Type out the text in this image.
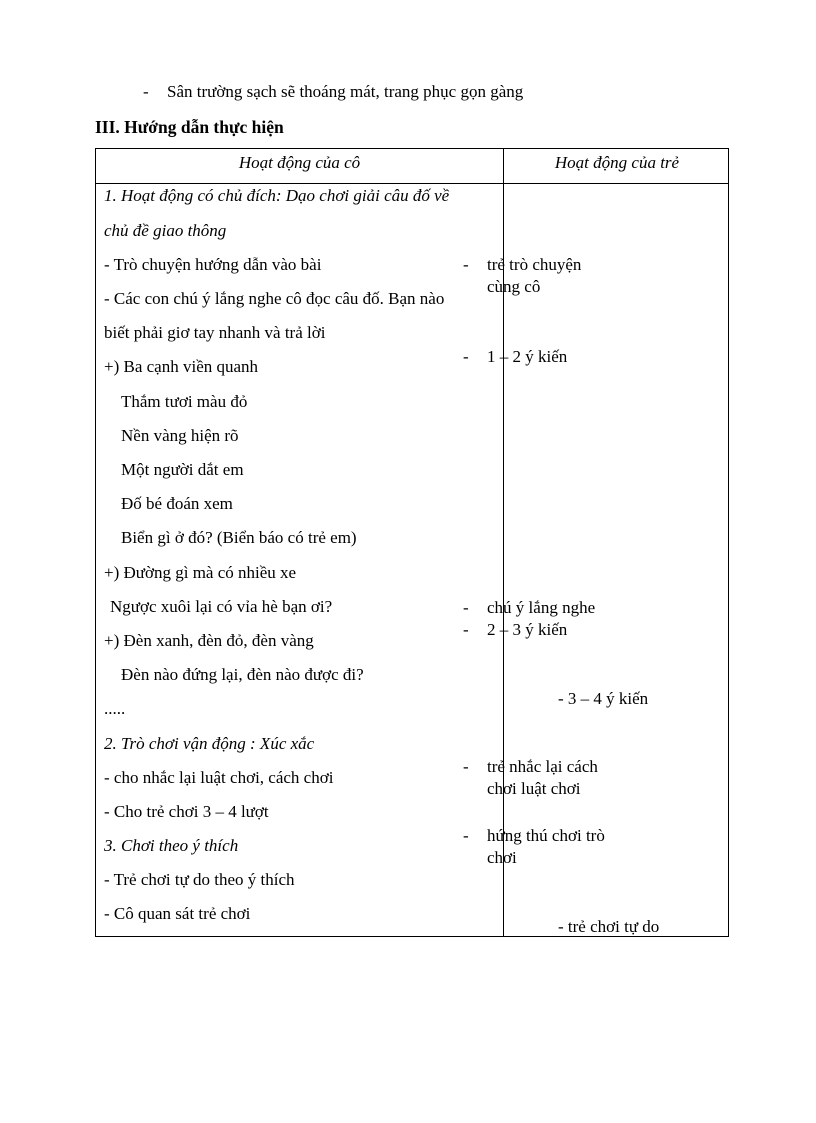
- Sân trường sạch sẽ thoáng mát, trang phục gọn gàng
III. Hướng dẫn thực hiện
Hoạt động của cô	Hoạt động của trẻ
1. Hoạt động có chủ đích: Dạo chơi giải câu đố về
chủ đề giao thông
- Trò chuyện hướng dẫn vào bài
- Các con chú ý lắng nghe cô đọc câu đố. Bạn nào
biết phải giơ tay nhanh và trả lời
+) Ba cạnh viền quanh
Thắm tươi màu đỏ
Nền vàng hiện rõ
Một người dắt em
Đố bé đoán xem
Biển gì ở đó? (Biển báo có trẻ em)
+) Đường gì mà có nhiều xe
Ngược xuôi lại có vỉa hè bạn ơi?
+) Đèn xanh, đèn đỏ, đèn vàng
Đèn nào đứng lại, đèn nào được đi?
.....
2. Trò chơi vận động : Xúc xắc
- cho nhắc lại luật chơi, cách chơi
- Cho trẻ chơi 3 – 4 lượt
3. Chơi theo ý thích
- Trẻ chơi tự do theo ý thích
- Cô quan sát trẻ chơi
- trẻ trò chuyện
cùng cô
- 1 – 2 ý kiến
- chú ý lắng nghe
- 2 – 3 ý kiến
- 3 – 4 ý kiến
- trẻ nhắc lại cách
chơi luật chơi
- hứng thú chơi trò
chơi
- trẻ chơi tự do
